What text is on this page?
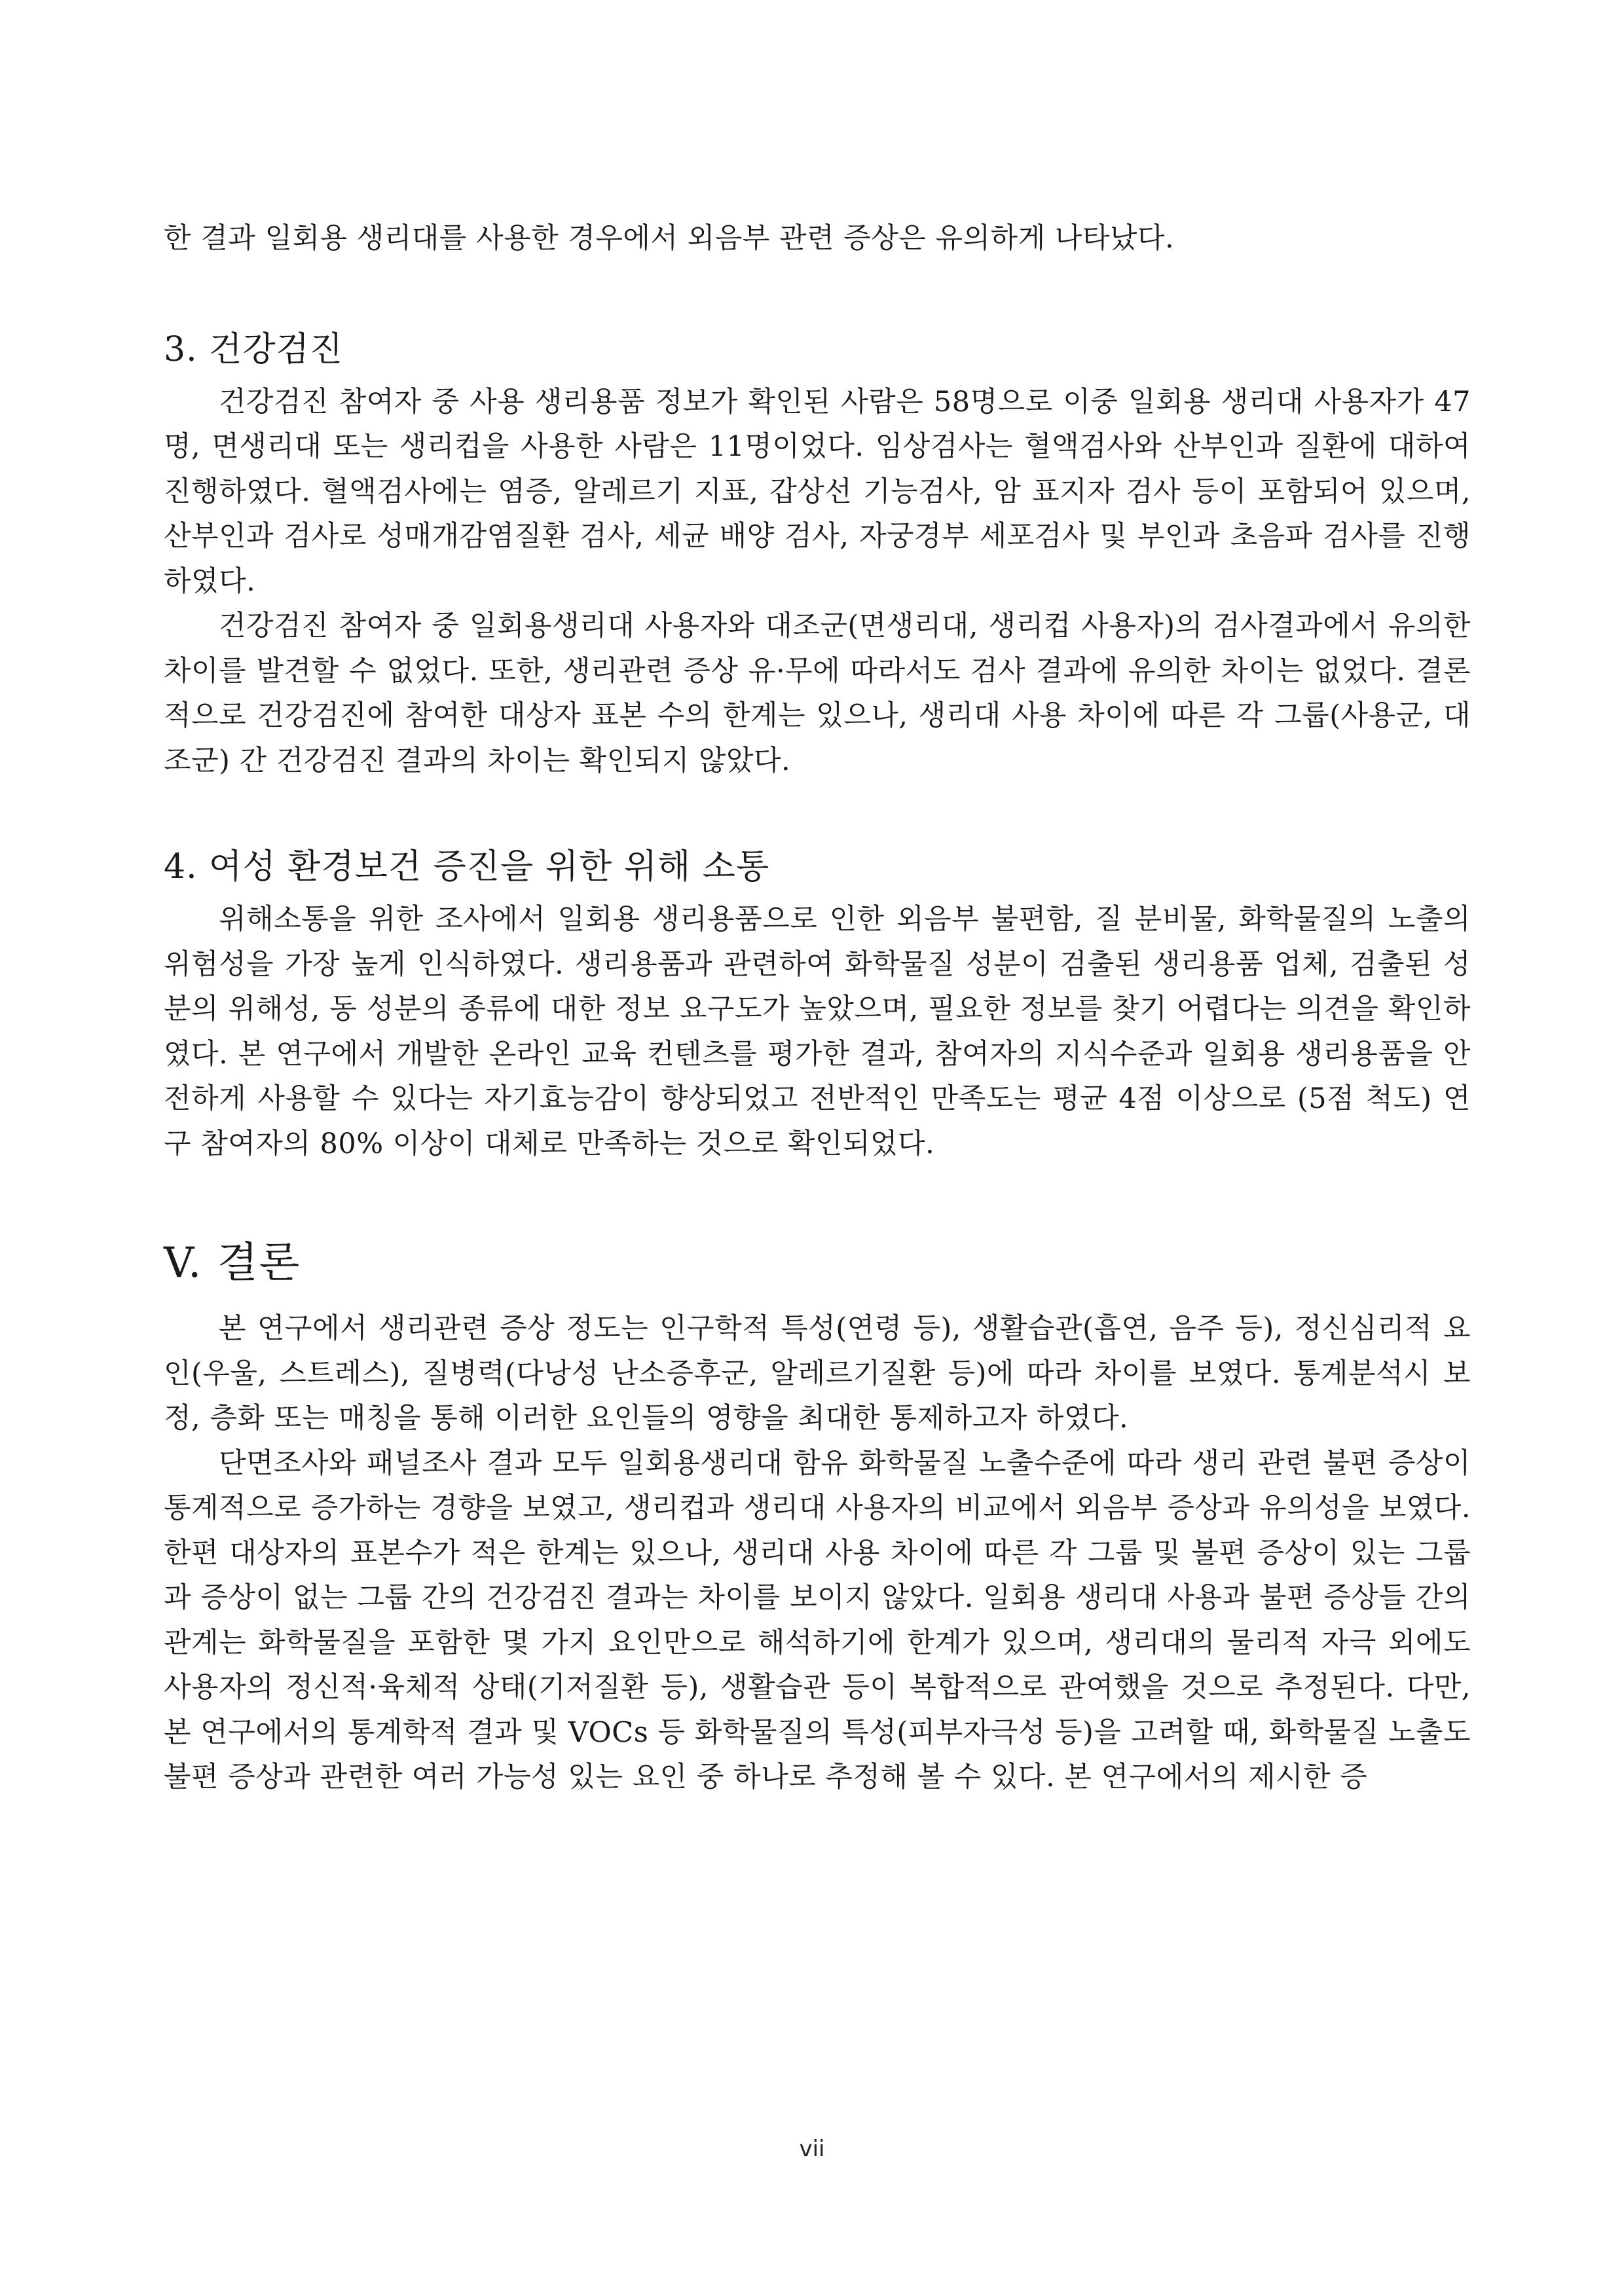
한 결과 일회용 생리대를 사용한 경우에서 외음부 관련 증상은 유의하게 나타났다.

3. 건강검진

건강검진 참여자 중 사용 생리용품 정보가 확인된 사람은 58명으로 이중 일회용 생리대 사용자가 47명, 면생리대 또는 생리컵을 사용한 사람은 11명이었다. 임상검사는 혈액검사와 산부인과 질환에 대하여 진행하였다. 혈액검사에는 염증, 알레르기 지표, 갑상선 기능검사, 암 표지자 검사 등이 포함되어 있으며, 산부인과 검사로 성매개감염질환 검사, 세균 배양 검사, 자궁경부 세포검사 및 부인과 초음파 검사를 진행하였다.

건강검진 참여자 중 일회용생리대 사용자와 대조군(면생리대, 생리컵 사용자)의 검사결과에서 유의한 차이를 발견할 수 없었다. 또한, 생리관련 증상 유·무에 따라서도 검사 결과에 유의한 차이는 없었다. 결론적으로 건강검진에 참여한 대상자 표본 수의 한계는 있으나, 생리대 사용 차이에 따른 각 그룹(사용군, 대조군) 간 건강검진 결과의 차이는 확인되지 않았다.

4. 여성 환경보건 증진을 위한 위해 소통

위해소통을 위한 조사에서 일회용 생리용품으로 인한 외음부 불편함, 질 분비물, 화학물질의 노출의 위험성을 가장 높게 인식하였다. 생리용품과 관련하여 화학물질 성분이 검출된 생리용품 업체, 검출된 성분의 위해성, 동 성분의 종류에 대한 정보 요구도가 높았으며, 필요한 정보를 찾기 어렵다는 의견을 확인하였다. 본 연구에서 개발한 온라인 교육 컨텐츠를 평가한 결과, 참여자의 지식수준과 일회용 생리용품을 안전하게 사용할 수 있다는 자기효능감이 향상되었고 전반적인 만족도는 평균 4점 이상으로 (5점 척도) 연구 참여자의 80% 이상이 대체로 만족하는 것으로 확인되었다.

V. 결론

본 연구에서 생리관련 증상 정도는 인구학적 특성(연령 등), 생활습관(흡연, 음주 등), 정신심리적 요인(우울, 스트레스), 질병력(다낭성 난소증후군, 알레르기질환 등)에 따라 차이를 보였다. 통계분석시 보정, 층화 또는 매칭을 통해 이러한 요인들의 영향을 최대한 통제하고자 하였다.

단면조사와 패널조사 결과 모두 일회용생리대 함유 화학물질 노출수준에 따라 생리 관련 불편 증상이 통계적으로 증가하는 경향을 보였고, 생리컵과 생리대 사용자의 비교에서 외음부 증상과 유의성을 보였다. 한편 대상자의 표본수가 적은 한계는 있으나, 생리대 사용 차이에 따른 각 그룹 및 불편 증상이 있는 그룹과 증상이 없는 그룹 간의 건강검진 결과는 차이를 보이지 않았다. 일회용 생리대 사용과 불편 증상들 간의 관계는 화학물질을 포함한 몇 가지 요인만으로 해석하기에 한계가 있으며, 생리대의 물리적 자극 외에도 사용자의 정신적·육체적 상태(기저질환 등), 생활습관 등이 복합적으로 관여했을 것으로 추정된다. 다만, 본 연구에서의 통계학적 결과 및 VOCs 등 화학물질의 특성(피부자극성 등)을 고려할 때, 화학물질 노출도 불편 증상과 관련한 여러 가능성 있는 요인 중 하나로 추정해 볼 수 있다. 본 연구에서의 제시한 증

vii
